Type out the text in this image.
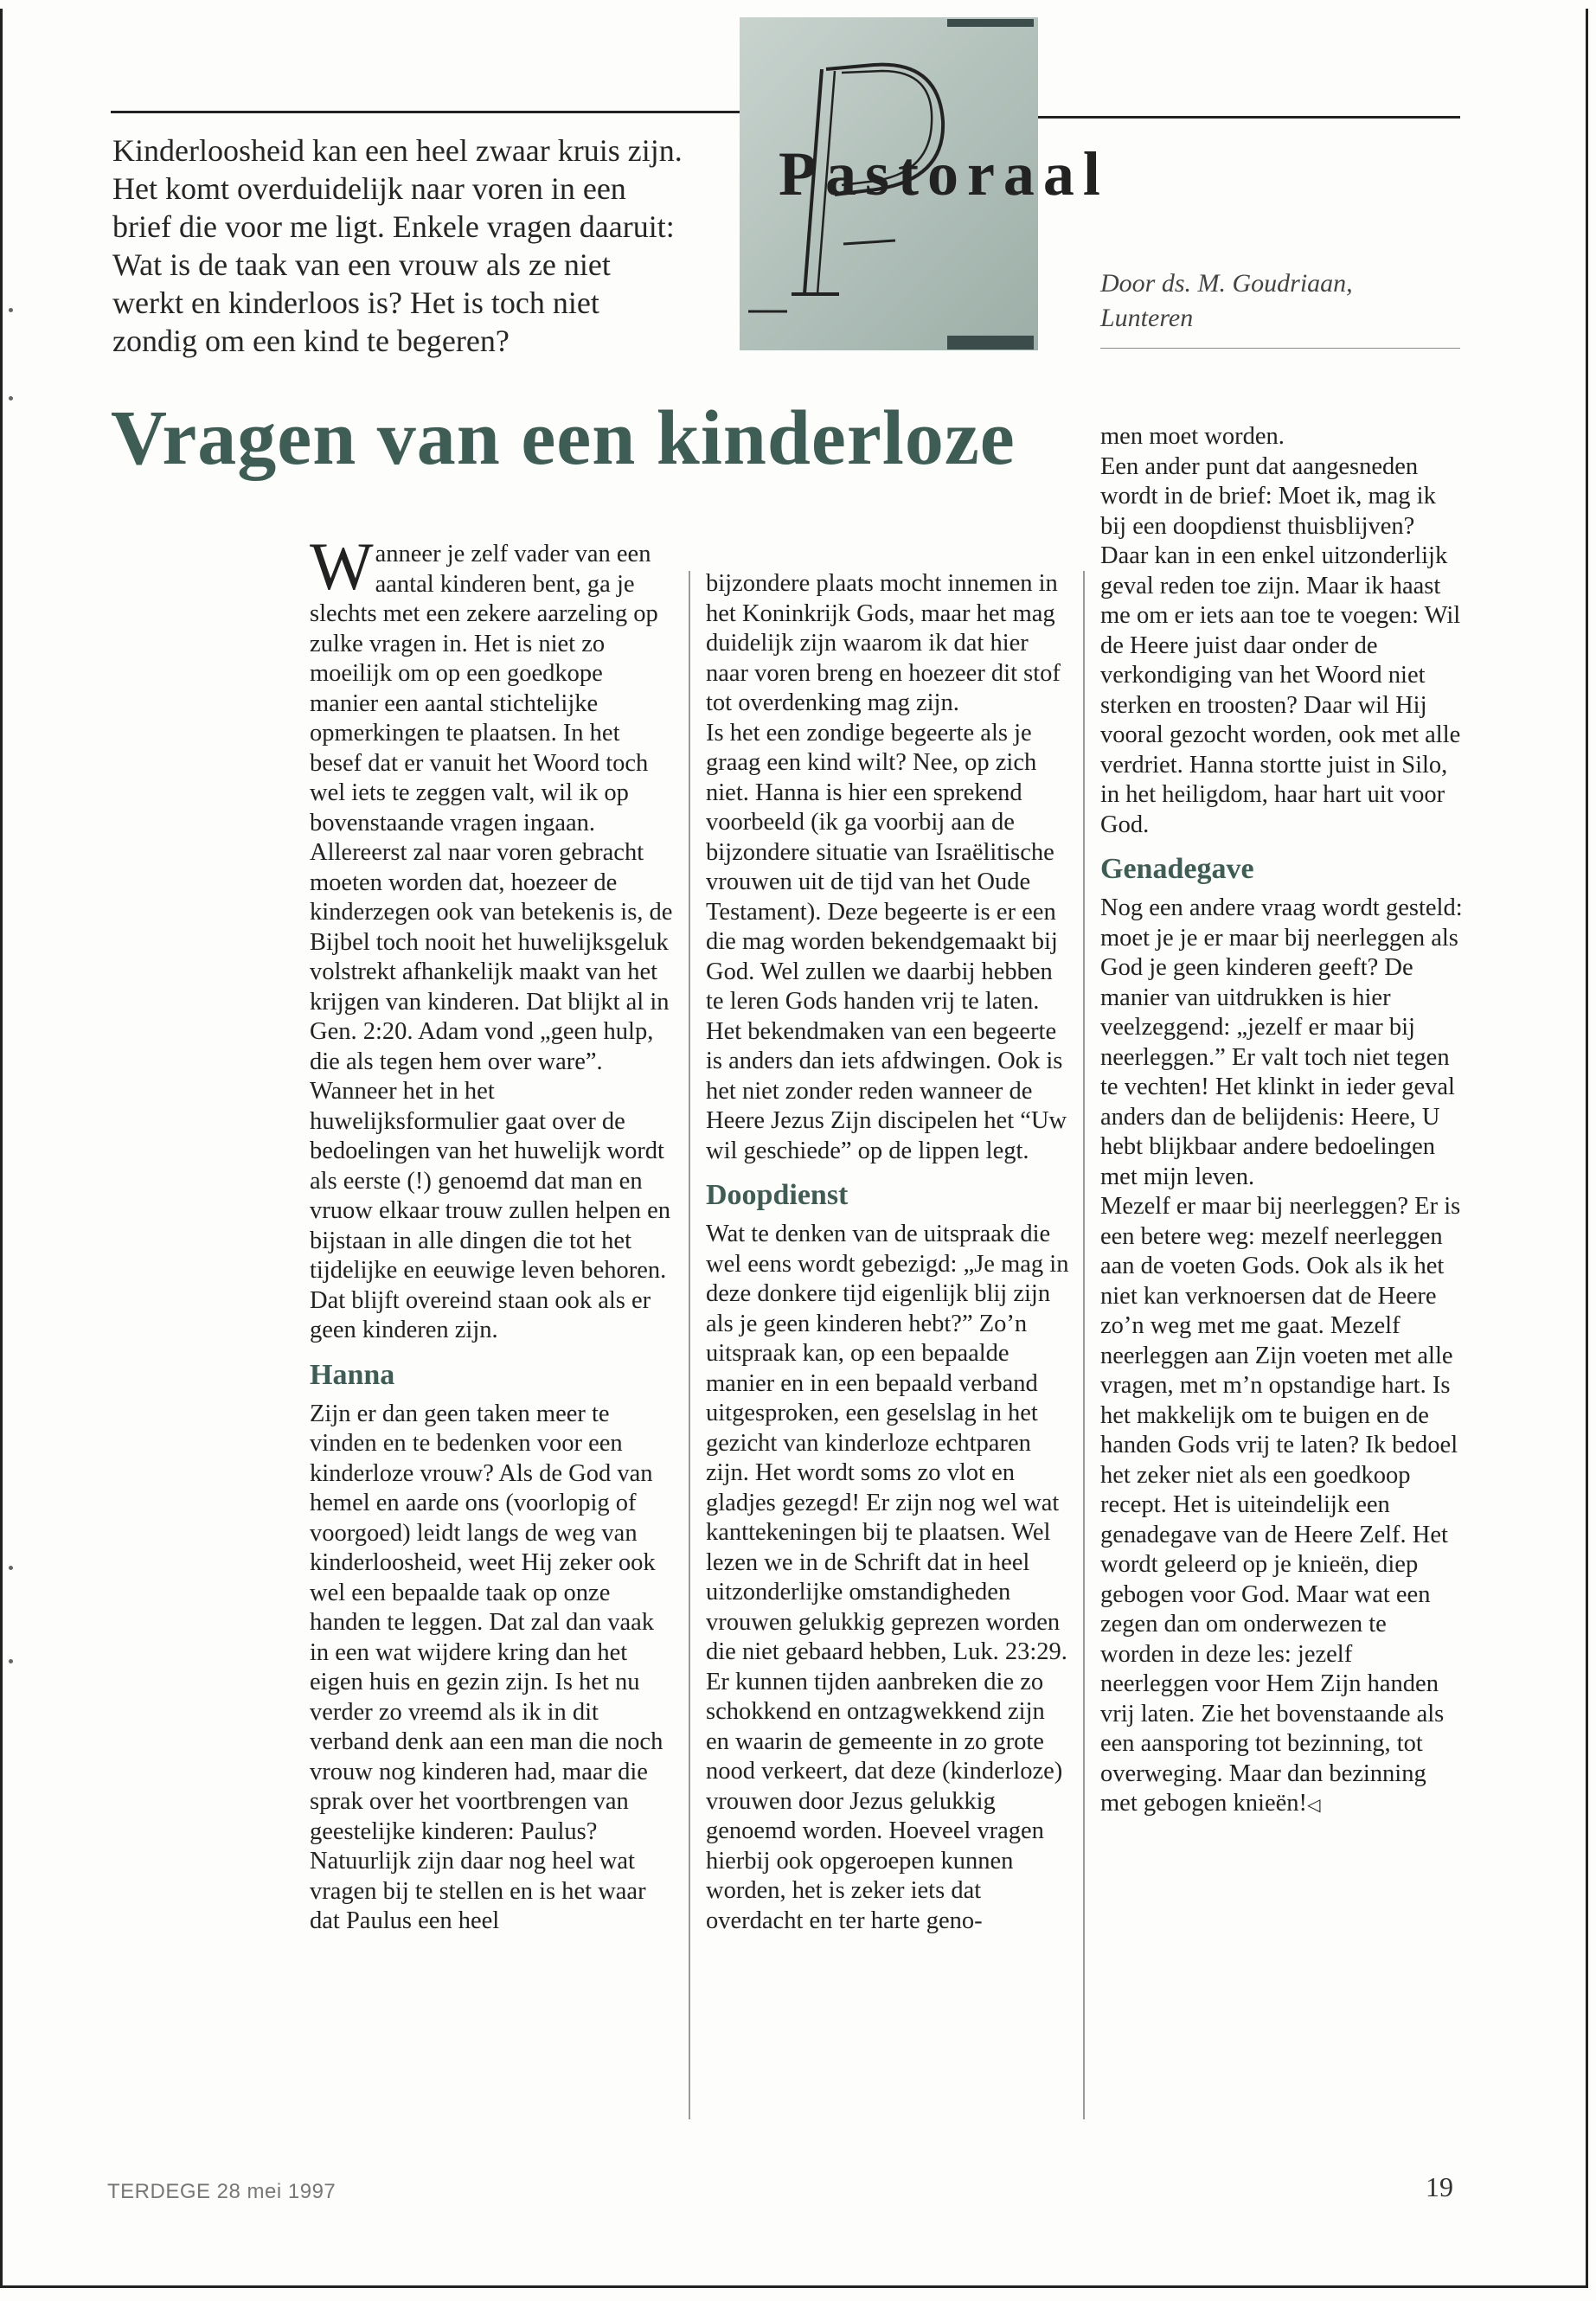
Kinderloosheid kan een heel zwaar kruis zijn. Het komt overduidelijk naar voren in een brief die voor me ligt. Enkele vragen daaruit: Wat is de taak van een vrouw als ze niet werkt en kinderloos is? Het is toch niet zondig om een kind te begeren?
Pastoraal
Door ds. M. Goudriaan,
Lunteren
Vragen van een kinderloze

Wanneer je zelf vader van een aantal kinderen bent, ga je slechts met een zekere aarzeling op zulke vragen in. Het is niet zo moeilijk om op een goedkope manier een aantal stichtelijke opmerkingen te plaatsen. In het besef dat er vanuit het Woord toch wel iets te zeggen valt, wil ik op bovenstaande vragen ingaan.

Allereerst zal naar voren gebracht moeten worden dat, hoezeer de kinderzegen ook van betekenis is, de Bijbel toch nooit het huwelijksgeluk volstrekt afhankelijk maakt van het krijgen van kinderen. Dat blijkt al in Gen. 2:20. Adam vond „geen hulp, die als tegen hem over ware”. Wanneer het in het huwelijksformulier gaat over de bedoelingen van het huwelijk wordt als eerste (!) genoemd dat man en vruow elkaar trouw zullen helpen en bijstaan in alle dingen die tot het tijdelijke en eeuwige leven behoren. Dat blijft overeind staan ook als er geen kinderen zijn.

Hanna

Zijn er dan geen taken meer te vinden en te bedenken voor een kinderloze vrouw? Als de God van hemel en aarde ons (voorlopig of voorgoed) leidt langs de weg van kinderloosheid, weet Hij zeker ook wel een bepaalde taak op onze handen te leggen. Dat zal dan vaak in een wat wijdere kring dan het eigen huis en gezin zijn. Is het nu verder zo vreemd als ik in dit verband denk aan een man die noch vrouw nog kinderen had, maar die sprak over het voortbrengen van geestelijke kinderen: Paulus? Natuurlijk zijn daar nog heel wat vragen bij te stellen en is het waar dat Paulus een heel

bijzondere plaats mocht innemen in het Koninkrijk Gods, maar het mag duidelijk zijn waarom ik dat hier naar voren breng en hoezeer dit stof tot overdenking mag zijn.

Is het een zondige begeerte als je graag een kind wilt? Nee, op zich niet. Hanna is hier een sprekend voorbeeld (ik ga voorbij aan de bijzondere situatie van Israëlitische vrouwen uit de tijd van het Oude Testament). Deze begeerte is er een die mag worden bekendgemaakt bij God. Wel zullen we daarbij hebben te leren Gods handen vrij te laten. Het bekendmaken van een begeerte is anders dan iets afdwingen. Ook is het niet zonder reden wanneer de Heere Jezus Zijn discipelen het “Uw wil geschiede” op de lippen legt.

Doopdienst

Wat te denken van de uitspraak die wel eens wordt gebezigd: „Je mag in deze donkere tijd eigenlijk blij zijn als je geen kinderen hebt?” Zo’n uitspraak kan, op een bepaalde manier en in een bepaald verband uitgesproken, een geselslag in het gezicht van kinderloze echtparen zijn. Het wordt soms zo vlot en gladjes gezegd! Er zijn nog wel wat kanttekeningen bij te plaatsen. Wel lezen we in de Schrift dat in heel uitzonderlijke omstandigheden vrouwen gelukkig geprezen worden die niet gebaard hebben, Luk. 23:29. Er kunnen tijden aanbreken die zo schokkend en ontzagwekkend zijn en waarin de gemeente in zo grote nood verkeert, dat deze (kinderloze) vrouwen door Jezus gelukkig genoemd worden. Hoeveel vragen hierbij ook opgeroepen kunnen worden, het is zeker iets dat overdacht en ter harte geno-

men moet worden.

Een ander punt dat aangesneden wordt in de brief: Moet ik, mag ik bij een doopdienst thuisblijven? Daar kan in een enkel uitzonderlijk geval reden toe zijn. Maar ik haast me om er iets aan toe te voegen: Wil de Heere juist daar onder de verkondiging van het Woord niet sterken en troosten? Daar wil Hij vooral gezocht worden, ook met alle verdriet. Hanna stortte juist in Silo, in het heiligdom, haar hart uit voor God.

Genadegave

Nog een andere vraag wordt gesteld: moet je je er maar bij neerleggen als God je geen kinderen geeft? De manier van uitdrukken is hier veelzeggend: „jezelf er maar bij neerleggen.” Er valt toch niet tegen te vechten! Het klinkt in ieder geval anders dan de belijdenis: Heere, U hebt blijkbaar andere bedoelingen met mijn leven.

Mezelf er maar bij neerleggen? Er is een betere weg: mezelf neerleggen aan de voeten Gods. Ook als ik het niet kan verknoersen dat de Heere zo’n weg met me gaat. Mezelf neerleggen aan Zijn voeten met alle vragen, met m’n opstandige hart. Is het makkelijk om te buigen en de handen Gods vrij te laten? Ik bedoel het zeker niet als een goedkoop recept. Het is uiteindelijk een genadegave van de Heere Zelf. Het wordt geleerd op je knieën, diep gebogen voor God. Maar wat een zegen dan om onderwezen te worden in deze les: jezelf neerleggen voor Hem Zijn handen vrij laten. Zie het bovenstaande als een aansporing tot bezinning, tot overweging. Maar dan bezinning met gebogen knieën!◁

TERDEGE 28 mei 1997	19
